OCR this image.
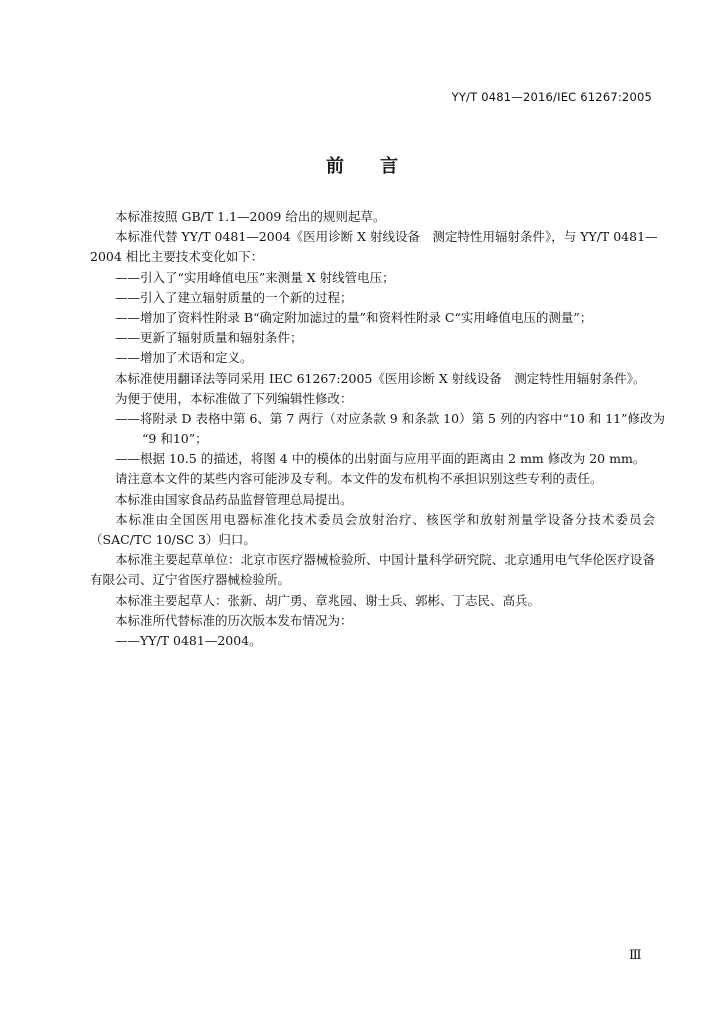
YY/T 0481—2016/IEC 61267:2005
前言
本标准按照 GB/T 1.1—2009 给出的规则起草。
本标准代替 YY/T 0481—2004《医用诊断 X 射线设备　测定特性用辐射条件》，与 YY/T 0481—
2004 相比主要技术变化如下：
——引入了“实用峰值电压”来测量 X 射线管电压；
——引入了建立辐射质量的一个新的过程；
——增加了资料性附录 B“确定附加滤过的量”和资料性附录 C“实用峰值电压的测量”；
——更新了辐射质量和辐射条件；
——增加了术语和定义。
本标准使用翻译法等同采用 IEC 61267:2005《医用诊断 X 射线设备　测定特性用辐射条件》。
为便于使用，本标准做了下列编辑性修改：
——将附录 D 表格中第 6、第 7 两行（对应条款 9 和条款 10）第 5 列的内容中“10 和 11”修改为
“9 和10”；
——根据 10.5 的描述，将图 4 中的模体的出射面与应用平面的距离由 2 mm 修改为 20 mm。
请注意本文件的某些内容可能涉及专利。本文件的发布机构不承担识别这些专利的责任。
本标准由国家食品药品监督管理总局提出。
本标准由全国医用电器标准化技术委员会放射治疗、核医学和放射剂量学设备分技术委员会
（SAC/TC 10/SC 3）归口。
本标准主要起草单位：北京市医疗器械检验所、中国计量科学研究院、北京通用电气华伦医疗设备
有限公司、辽宁省医疗器械检验所。
本标准主要起草人：张新、胡广勇、章兆园、谢士兵、郭彬、丁志民、高兵。
本标准所代替标准的历次版本发布情况为：
——YY/T 0481—2004。
Ⅲ
